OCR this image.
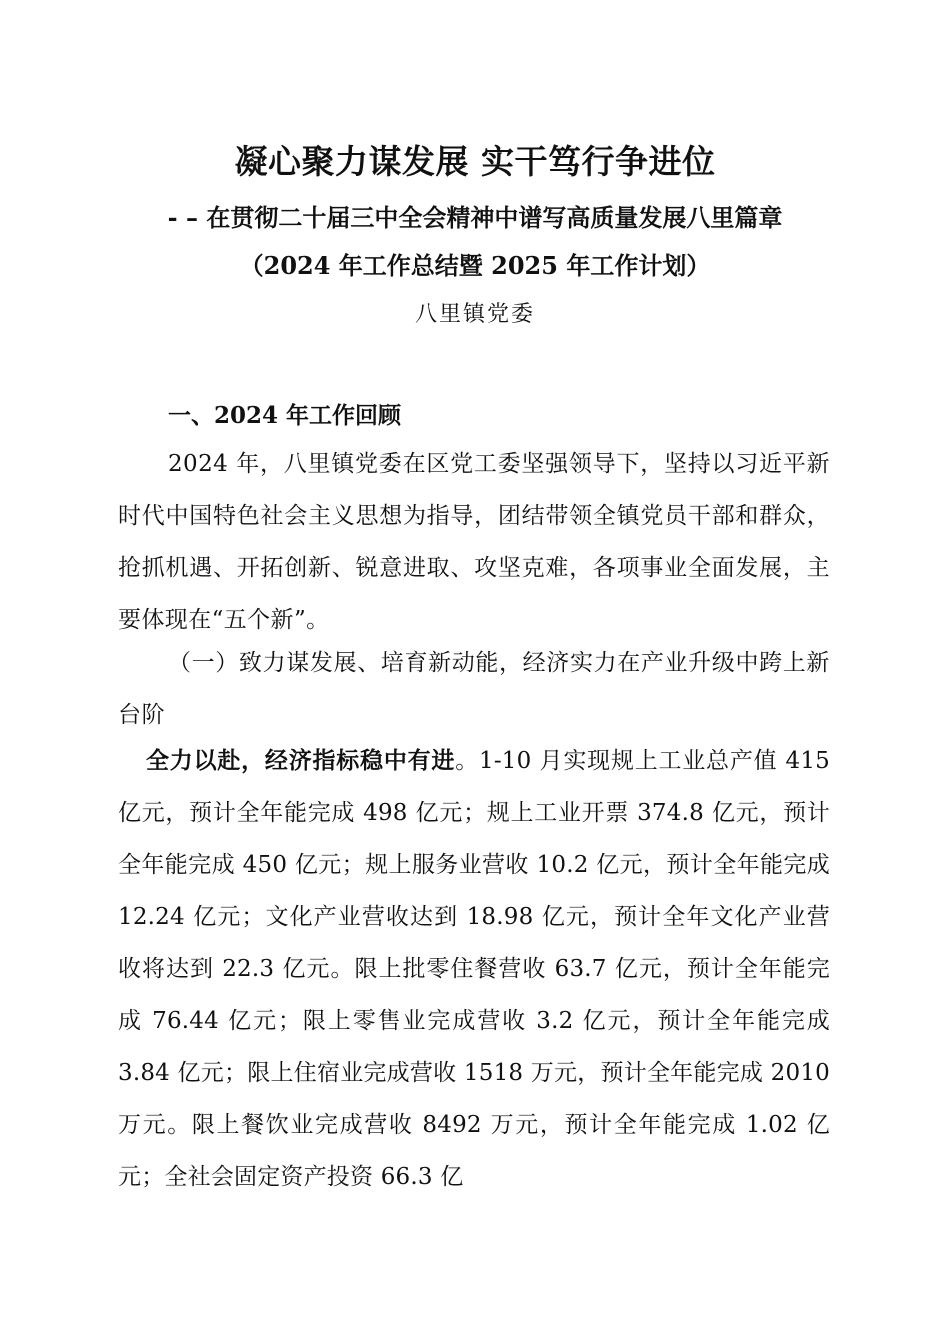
凝心聚力谋发展 实干笃行争进位
- – 在贯彻二十届三中全会精神中谱写高质量发展八里篇章
（2024 年工作总结暨 2025 年工作计划）
八里镇党委
一、2024 年工作回顾
2024 年，八里镇党委在区党工委坚强领导下，坚持以习近平新时代中国特色社会主义思想为指导，团结带领全镇党员干部和群众，抢抓机遇、开拓创新、锐意进取、攻坚克难，各项事业全面发展，主要体现在“五个新”。
（一）致力谋发展、培育新动能，经济实力在产业升级中跨上新台阶
全力以赴，经济指标稳中有进。1-10 月实现规上工业总产值 415 亿元，预计全年能完成 498 亿元；规上工业开票 374.8 亿元，预计全年能完成 450 亿元；规上服务业营收 10.2 亿元，预计全年能完成 12.24 亿元；文化产业营收达到 18.98 亿元，预计全年文化产业营收将达到 22.3 亿元。限上批零住餐营收 63.7 亿元，预计全年能完成 76.44 亿元；限上零售业完成营收 3.2 亿元，预计全年能完成 3.84 亿元；限上住宿业完成营收 1518 万元，预计全年能完成 2010 万元。限上餐饮业完成营收 8492 万元，预计全年能完成 1.02 亿元；全社会固定资产投资 66.3 亿
